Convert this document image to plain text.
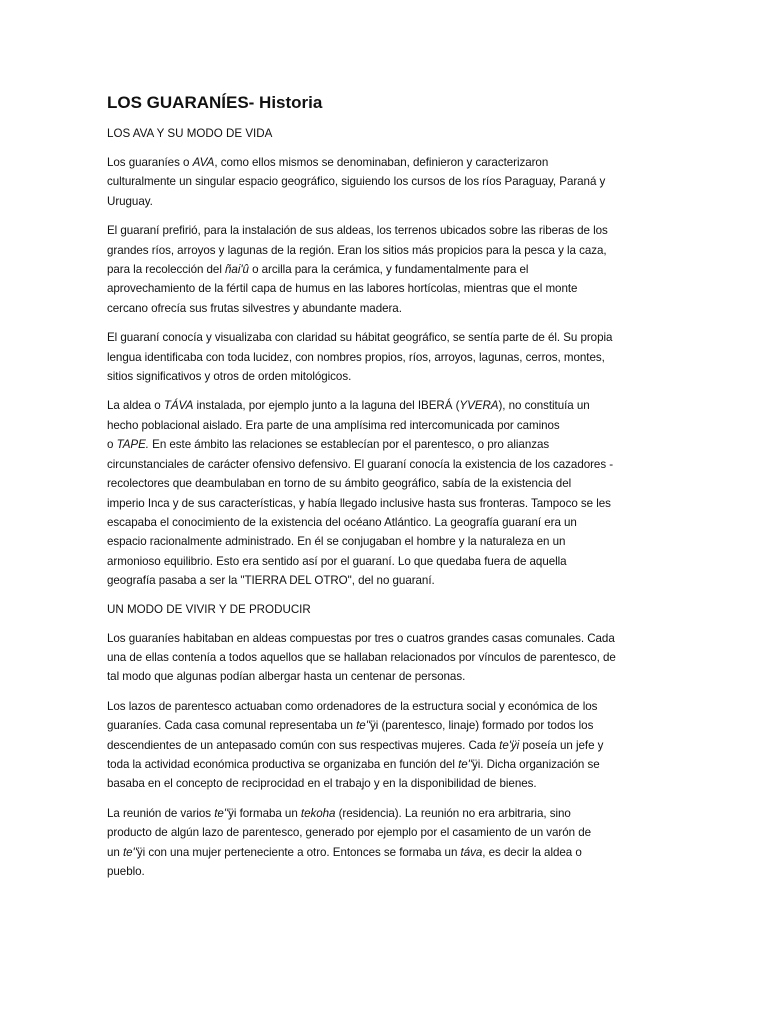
LOS GUARANÍES- Historia
LOS AVA Y SU MODO DE VIDA
Los guaraníes o AVA, como ellos mismos se denominaban, definieron y caracterizaron
culturalmente un singular espacio geográfico, siguiendo los cursos de los ríos Paraguay, Paraná y
Uruguay.
El guaraní prefirió, para la instalación de sus aldeas, los terrenos ubicados sobre las riberas de los
grandes ríos, arroyos y lagunas de la región. Eran los sitios más propicios para la pesca y la caza,
para la recolección del ñai'û o arcilla para la cerámica, y fundamentalmente para el
aprovechamiento de la fértil capa de humus en las labores hortícolas, mientras que el monte
cercano ofrecía sus frutas silvestres y abundante madera.
El guaraní conocía y visualizaba con claridad su hábitat geográfico, se sentía parte de él. Su propia
lengua identificaba con toda lucidez, con nombres propios, ríos, arroyos, lagunas, cerros, montes,
sitios significativos y otros de orden mitológicos.
La aldea o TÁVA instalada, por ejemplo junto a la laguna del IBERÁ (YVERA), no constituía un
hecho poblacional aislado. Era parte de una amplísima red intercomunicada por caminos
o TAPE. En este ámbito las relaciones se establecían por el parentesco, o pro alianzas
circunstanciales de carácter ofensivo defensivo. El guaraní conocía la existencia de los cazadores -
recolectores que deambulaban en torno de su ámbito geográfico, sabía de la existencia del
imperio Inca y de sus características, y había llegado inclusive hasta sus fronteras. Tampoco se les
escapaba el conocimiento de la existencia del océano Atlántico. La geografía guaraní era un
espacio racionalmente administrado. En él se conjugaban el hombre y la naturaleza en un
armonioso equilibrio. Esto era sentido así por el guaraní. Lo que quedaba fuera de aquella
geografía pasaba a ser la "TIERRA DEL OTRO", del no guaraní.
UN MODO DE VIVIR Y DE PRODUCIR
Los guaraníes habitaban en aldeas compuestas por tres o cuatros grandes casas comunales. Cada
una de ellas contenía a todos aquellos que se hallaban relacionados por vínculos de parentesco, de
tal modo que algunas podían albergar hasta un centenar de personas.
Los lazos de parentesco actuaban como ordenadores de la estructura social y económica de los
guaraníes. Cada casa comunal representaba un te''ÿi (parentesco, linaje) formado por todos los
descendientes de un antepasado común con sus respectivas mujeres. Cada te'ÿi poseía un jefe y
toda la actividad económica productiva se organizaba en función del te''ÿi. Dicha organización se
basaba en el concepto de reciprocidad en el trabajo y en la disponibilidad de bienes.
La reunión de varios te''ÿi formaba un tekoha (residencia). La reunión no era arbitraria, sino
producto de algún lazo de parentesco, generado por ejemplo por el casamiento de un varón de
un te''ÿi con una mujer perteneciente a otro. Entonces se formaba un táva, es decir la aldea o
pueblo.
